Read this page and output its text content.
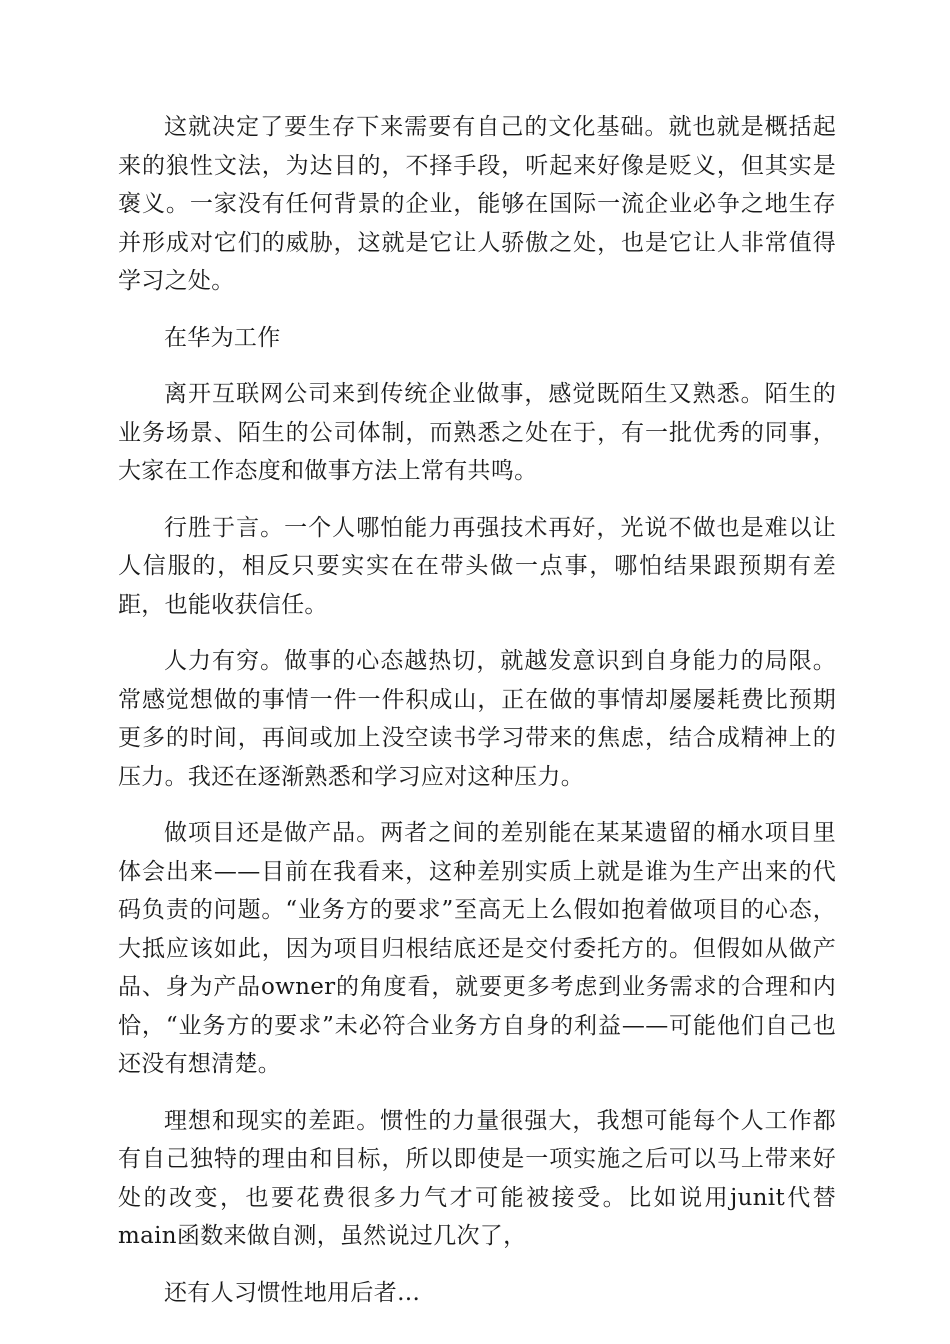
这就决定了要生存下来需要有自己的文化基础。就也就是概括起来的狼性文法，为达目的，不择手段，听起来好像是贬义，但其实是褒义。一家没有任何背景的企业，能够在国际一流企业必争之地生存并形成对它们的威胁，这就是它让人骄傲之处，也是它让人非常值得学习之处。

在华为工作

离开互联网公司来到传统企业做事，感觉既陌生又熟悉。陌生的业务场景、陌生的公司体制，而熟悉之处在于，有一批优秀的同事，大家在工作态度和做事方法上常有共鸣。

行胜于言。一个人哪怕能力再强技术再好，光说不做也是难以让人信服的，相反只要实实在在带头做一点事，哪怕结果跟预期有差距，也能收获信任。

人力有穷。做事的心态越热切，就越发意识到自身能力的局限。常感觉想做的事情一件一件积成山，正在做的事情却屡屡耗费比预期更多的时间，再间或加上没空读书学习带来的焦虑，结合成精神上的压力。我还在逐渐熟悉和学习应对这种压力。

做项目还是做产品。两者之间的差别能在某某遗留的桶水项目里体会出来——目前在我看来，这种差别实质上就是谁为生产出来的代码负责的问题。“业务方的要求”至高无上么假如抱着做项目的心态，大抵应该如此，因为项目归根结底还是交付委托方的。但假如从做产品、身为产品owner的角度看，就要更多考虑到业务需求的合理和内恰，“业务方的要求”未必符合业务方自身的利益——可能他们自己也还没有想清楚。

理想和现实的差距。惯性的力量很强大，我想可能每个人工作都有自己独特的理由和目标，所以即使是一项实施之后可以马上带来好处的改变，也要花费很多力气才可能被接受。比如说用junit代替main函数来做自测，虽然说过几次了，

还有人习惯性地用后者…
